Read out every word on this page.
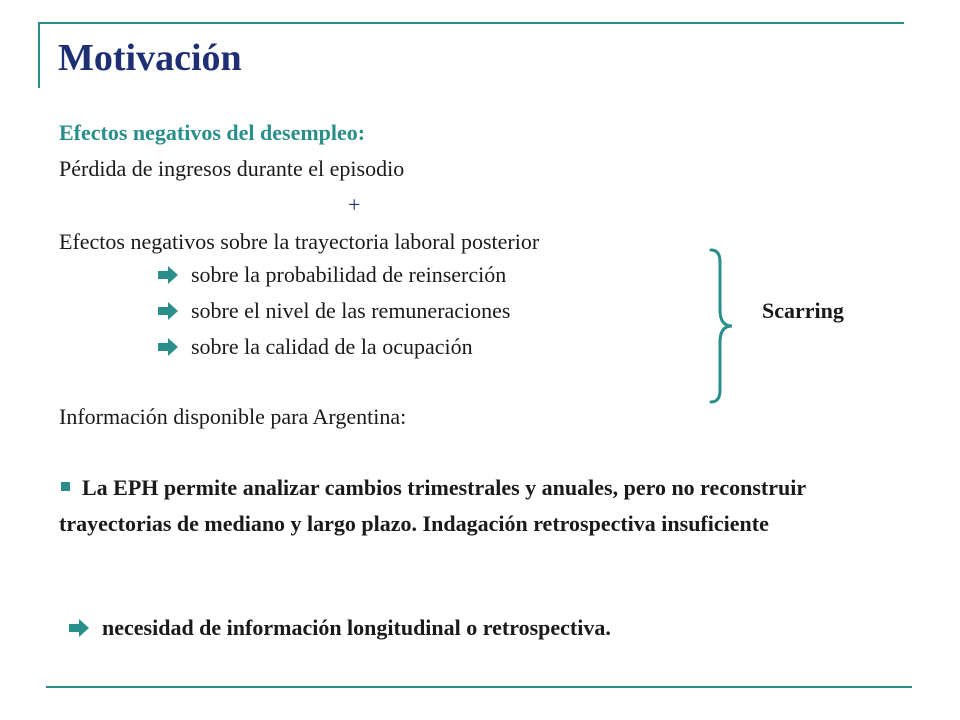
Motivación
Efectos negativos del desempleo:
Pérdida de ingresos durante el episodio
+
Efectos negativos sobre la trayectoria laboral posterior
sobre la probabilidad de reinserción
sobre el nivel de las remuneraciones
sobre la calidad de la ocupación
Scarring
Información disponible para Argentina:
La EPH permite analizar cambios trimestrales y anuales, pero no reconstruir trayectorias de mediano y largo plazo. Indagación retrospectiva insuficiente
necesidad de información longitudinal o retrospectiva.
